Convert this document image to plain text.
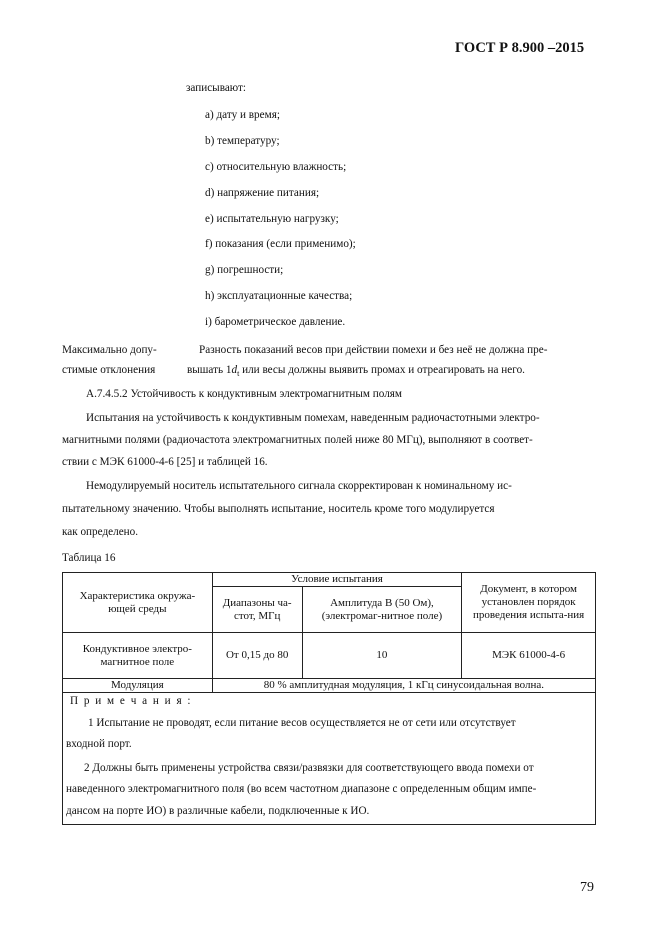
ГОСТ Р 8.900 –2015
записывают:
a) дату и время;
b) температуру;
c) относительную влажность;
d) напряжение питания;
e) испытательную нагрузку;
f) показания (если применимо);
g) погрешности;
h) эксплуатационные качества;
i) барометрическое давление.
Максимально допу-
стимые отклонения
Разность показаний весов при действии помехи и без неё не должна пре-
вышать $1d_t$ или весы должны выявить промах и отреагировать на него.
А.7.4.5.2 Устойчивость к кондуктивным электромагнитным полям
Испытания на устойчивость к кондуктивным помехам, наведенным радиочастотными электро-
магнитными полями (радиочастота электромагнитных полей ниже 80 МГц), выполняют в соответ-
ствии с МЭК 61000-4-6 [25] и таблицей 16.
Немодулируемый носитель испытательного сигнала скорректирован к номинальному ис-
пытательному значению. Чтобы выполнять испытание, носитель кроме того модулируется
как определено.
Таблица 16
Характеристика окружа-ющей среды	Условие испытания		Документ, в котором установлен порядок проведения испыта-ния
	Диапазоны ча-стот, МГц	Амплитуда В (50 Ом), (электромаг-нитное поле)	
Кондуктивное электро-магнитное поле	От 0,15 до 80	10	МЭК 61000-4-6
Модуляция	80 % амплитудная модуляция, 1 кГц синусоидальная волна.		
П р и м е ч а н и я :
1 Испытание не проводят, если питание весов осуществляется не от сети или отсутствует
входной порт.
2 Должны быть применены устройства связи/развязки для соответствующего ввода помехи от
наведенного электромагнитного поля (во всем частотном диапазоне с определенным общим импе-
дансом на порте ИО) в различные кабели, подключенные к ИО.
79
